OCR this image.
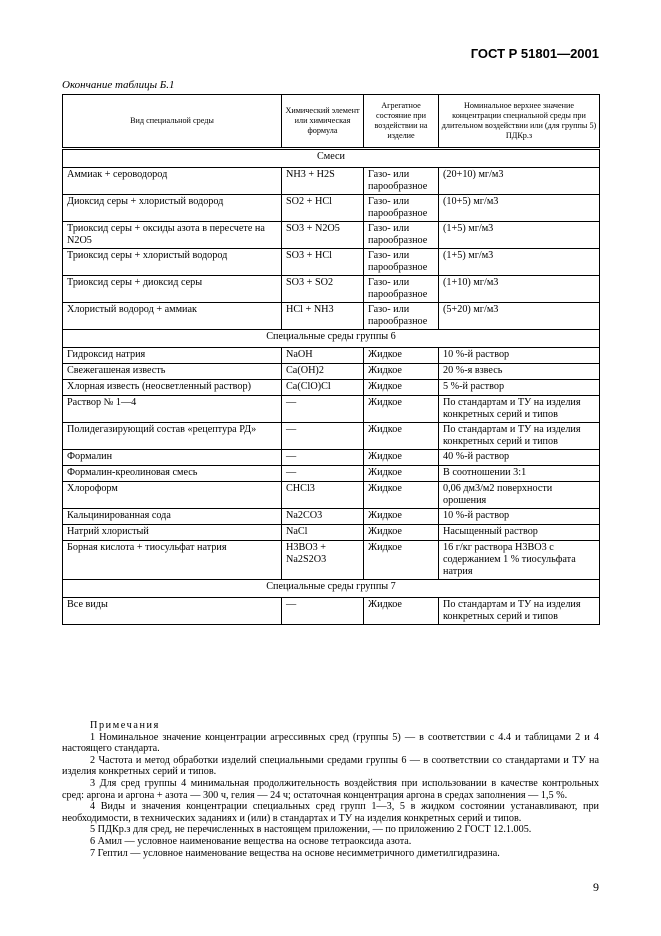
ГОСТ Р 51801—2001
Окончание таблицы Б.1
Вид специальной среды	Химический элемент или химическая формула	Агрегатное состояние при воздействии на изделие	Номинальное верхнее значение концентрации специальной среды при длительном воздействии или (для группы 5) ПДКр.з
Смеси			
Аммиак + сероводород	NH3 + H2S	Газо- или парообразное	(20+10) мг/м3
Диоксид серы + хлористый водород	SO2 + HCl	Газо- или парообразное	(10+5) мг/м3
Триоксид серы + оксиды азота в пересчете на N2O5	SO3 + N2O5	Газо- или парообразное	(1+5) мг/м3
Триоксид серы + хлористый водород	SO3 + HCl	Газо- или парообразное	(1+5) мг/м3
Триоксид серы + диоксид серы	SO3 + SO2	Газо- или парообразное	(1+10) мг/м3
Хлористый водород + аммиак	HCl + NH3	Газо- или парообразное	(5+20) мг/м3
Специальные среды группы 6			
Гидроксид натрия	NaOH	Жидкое	10 %-й раствор
Свежегашеная известь	Ca(OH)2	Жидкое	20 %-я взвесь
Хлорная известь (неосветленный раствор)	Ca(ClO)Cl	Жидкое	5 %-й раствор
Раствор № 1—4	—	Жидкое	По стандартам и ТУ на изделия конкретных серий и типов
Полидегазирующий состав «рецептура РД»	—	Жидкое	По стандартам и ТУ на изделия конкретных серий и типов
Формалин	—	Жидкое	40 %-й раствор
Формалин-креолиновая смесь	—	Жидкое	В соотношении 3:1
Хлороформ	CHCl3	Жидкое	0,06 дм3/м2 поверхности орошения
Кальцинированная сода	Na2CO3	Жидкое	10 %-й раствор
Натрий хлористый	NaCl	Жидкое	Насыщенный раствор
Борная кислота + тиосульфат натрия	H3BO3 + Na2S2O3	Жидкое	16 г/кг раствора H3BO3 с содержанием 1 % тиосульфата натрия
Специальные среды группы 7			
Все виды	—	Жидкое	По стандартам и ТУ на изделия конкретных серий и типов
Примечания

1 Номинальное значение концентрации агрессивных сред (группы 5) — в соответствии с 4.4 и таблицами 2 и 4 настоящего стандарта.

2 Частота и метод обработки изделий специальными средами группы 6 — в соответствии со стандартами и ТУ на изделия конкретных серий и типов.

3 Для сред группы 4 минимальная продолжительность воздействия при использовании в качестве контрольных сред: аргона и аргона + азота — 300 ч, гелия — 24 ч; остаточная концентрация аргона в средах заполнения — 1,5 %.

4 Виды и значения концентрации специальных сред групп 1—3, 5 в жидком состоянии устанавливают, при необходимости, в технических заданиях и (или) в стандартах и ТУ на изделия конкретных серий и типов.

5 ПДКр.з для сред, не перечисленных в настоящем приложении, — по приложению 2 ГОСТ 12.1.005.

6 Амил — условное наименование вещества на основе тетраоксида азота.

7 Гептил — условное наименование вещества на основе несимметричного диметилгидразина.

9
